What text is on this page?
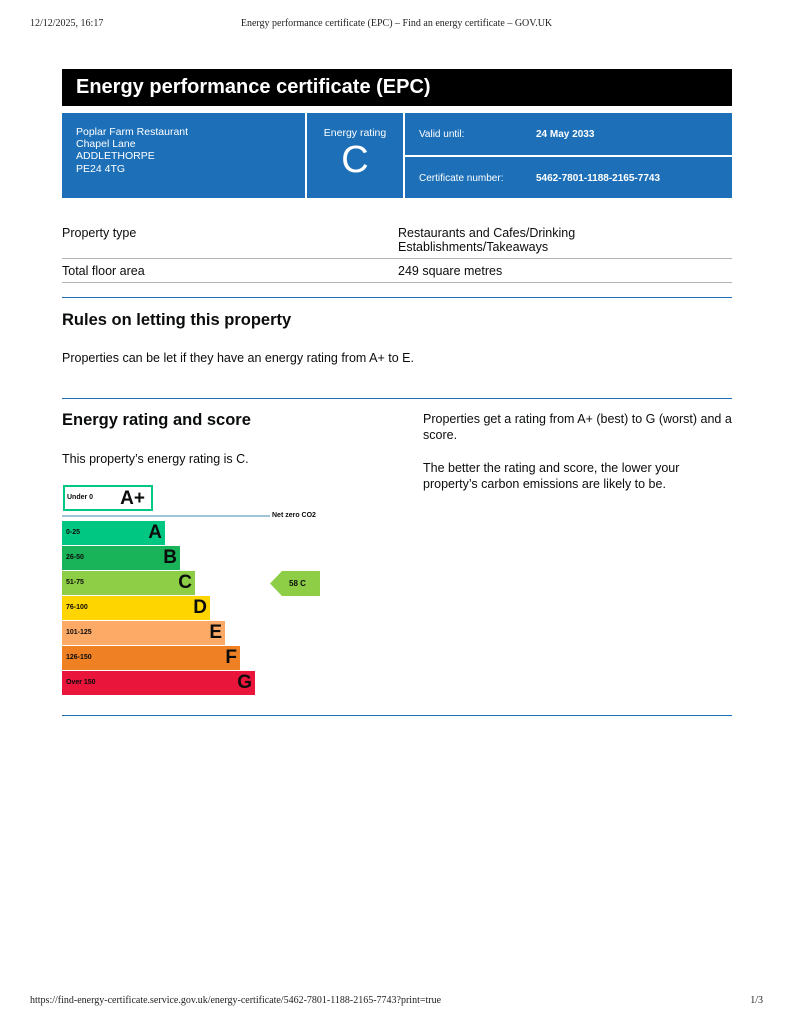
12/12/2025, 16:17	Energy performance certificate (EPC) – Find an energy certificate – GOV.UK
Energy performance certificate (EPC)
Poplar Farm Restaurant
Chapel Lane
ADDLETHORPE
PE24 4TG
Energy rating
C
Valid until:	24 May 2033
Certificate number:	5462-7801-1188-2165-7743
Property type	Restaurants and Cafes/Drinking
Establishments/Takeaways
Total floor area	249 square metres
Rules on letting this property
Properties can be let if they have an energy rating from A+ to E.
Energy rating and score
This property’s energy rating is C.
Properties get a rating from A+ (best) to G (worst) and a score.
The better the rating and score, the lower your property’s carbon emissions are likely to be.
Under 0 A+
Net zero CO2
0-25	A
26-50	B
51-75	C
76-100	D
101-125	E
126-150	F
Over 150	G
58 C
https://find-energy-certificate.service.gov.uk/energy-certificate/5462-7801-1188-2165-7743?print=true	1/3
